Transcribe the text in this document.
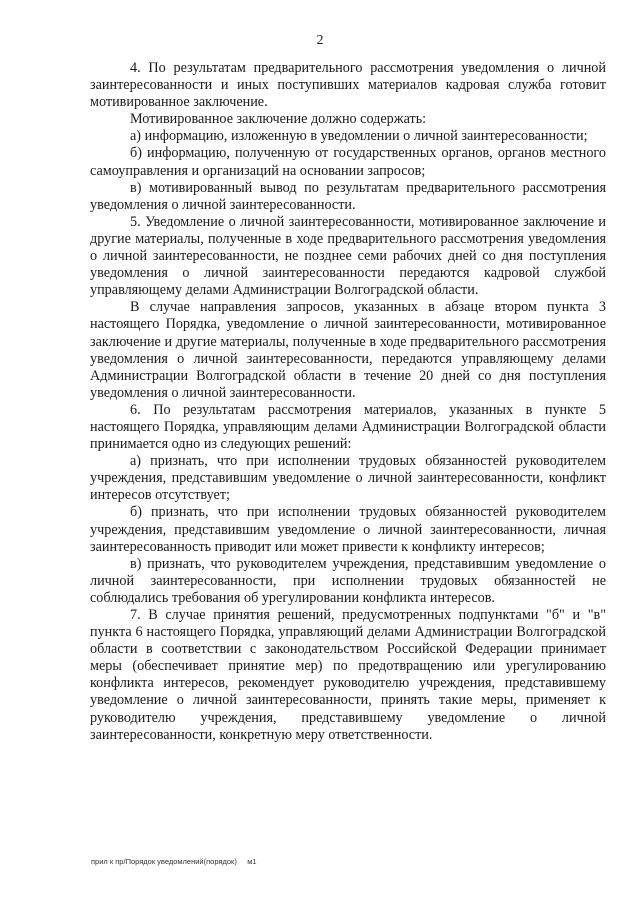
2

4. По результатам предварительного рассмотрения уведомления о личной заинтересованности и иных поступивших материалов кадровая служба готовит мотивированное заключение.

Мотивированное заключение должно содержать:

а) информацию, изложенную в уведомлении о личной заинтересованности;

б) информацию, полученную от государственных органов, органов местного самоуправления и организаций на основании запросов;

в) мотивированный вывод по результатам предварительного рассмотрения уведомления о личной заинтересованности.

5. Уведомление о личной заинтересованности, мотивированное заключение и другие материалы, полученные в ходе предварительного рассмотрения уведомления о личной заинтересованности, не позднее семи рабочих дней со дня поступления уведомления о личной заинтересованности передаются кадровой службой управляющему делами Администрации Волгоградской области.

В случае направления запросов, указанных в абзаце втором пункта 3 настоящего Порядка, уведомление о личной заинтересованности, мотивированное заключение и другие материалы, полученные в ходе предварительного рассмотрения уведомления о личной заинтересованности, передаются управляющему делами Администрации Волгоградской области в течение 20 дней со дня поступления уведомления о личной заинтересованности.

6. По результатам рассмотрения материалов, указанных в пункте 5 настоящего Порядка, управляющим делами Администрации Волгоградской области принимается одно из следующих решений:

а) признать, что при исполнении трудовых обязанностей руководителем учреждения, представившим уведомление о личной заинтересованности, конфликт интересов отсутствует;

б) признать, что при исполнении трудовых обязанностей руководителем учреждения, представившим уведомление о личной заинтересованности, личная заинтересованность приводит или может привести к конфликту интересов;

в) признать, что руководителем учреждения, представившим уведомление о личной заинтересованности, при исполнении трудовых обязанностей не соблюдались требования об урегулировании конфликта интересов.

7. В случае принятия решений, предусмотренных подпунктами "б" и "в" пункта 6 настоящего Порядка, управляющий делами Администрации Волгоградской области в соответствии с законодательством Российской Федерации принимает меры (обеспечивает принятие мер) по предотвращению или урегулированию конфликта интересов, рекомендует руководителю учреждения, представившему уведомление о личной заинтересованности, принять такие меры, применяет к руководителю учреждения, представившему уведомление о личной заинтересованности, конкретную меру ответственности.

прил к пр/Порядок уведомлений(порядок)     м1
